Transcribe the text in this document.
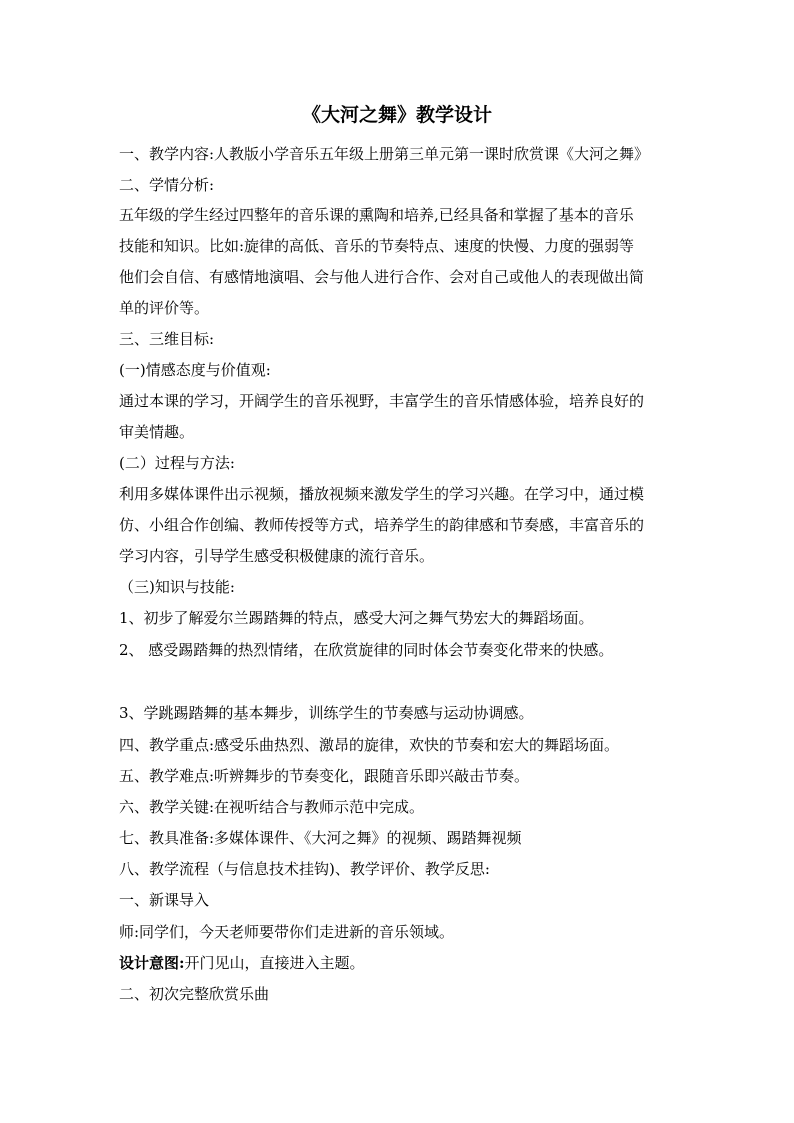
《大河之舞》教学设计
一、教学内容:人教版小学音乐五年级上册第三单元第一课时欣赏课《大河之舞》
二、学情分析:
五年级的学生经过四整年的音乐课的熏陶和培养,已经具备和掌握了基本的音乐
技能和知识。比如:旋律的高低、音乐的节奏特点、速度的快慢、力度的强弱等
他们会自信、有感情地演唱、会与他人进行合作、会对自己或他人的表现做出简
单的评价等。
三、三维目标:
(一)情感态度与价值观:
通过本课的学习，开阔学生的音乐视野，丰富学生的音乐情感体验，培养良好的
审美情趣。
(二）过程与方法:
利用多媒体课件出示视频，播放视频来激发学生的学习兴趣。在学习中，通过模
仿、小组合作创编、教师传授等方式，培养学生的韵律感和节奏感，丰富音乐的
学习内容，引导学生感受积极健康的流行音乐。
（三)知识与技能:
1、初步了解爱尔兰踢踏舞的特点，感受大河之舞气势宏大的舞蹈场面。
2、 感受踢踏舞的热烈情绪，在欣赏旋律的同时体会节奏变化带来的快感。
3、学跳踢踏舞的基本舞步，训练学生的节奏感与运动协调感。
四、教学重点:感受乐曲热烈、激昂的旋律，欢快的节奏和宏大的舞蹈场面。
五、教学难点:听辨舞步的节奏变化，跟随音乐即兴敲击节奏。
六、教学关键:在视听结合与教师示范中完成。
七、教具准备:多媒体课件、《大河之舞》的视频、踢踏舞视频
八、教学流程（与信息技术挂钩)、教学评价、教学反思:
一、新课导入
师:同学们，今天老师要带你们走进新的音乐领域。
设计意图:开门见山，直接进入主题。
二、初次完整欣赏乐曲
